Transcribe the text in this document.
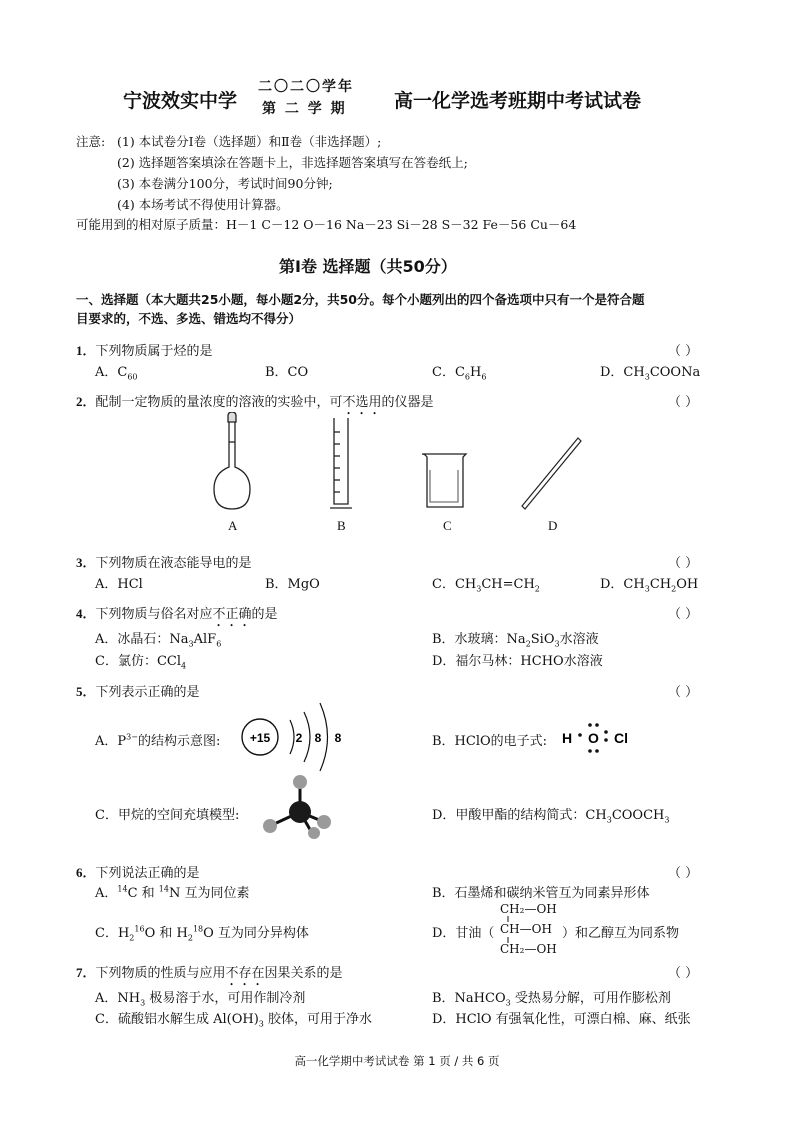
宁波效实中学
二〇二〇学年
第 二 学 期 高一化学选考班期中考试试卷
注意: (1) 本试卷分Ⅰ卷（选择题）和Ⅱ卷（非选择题）;
(2) 选择题答案填涂在答题卡上，非选择题答案填写在答卷纸上;
(3) 本卷满分100分，考试时间90分钟;
(4) 本场考试不得使用计算器。
可能用到的相对原子质量：H－1 C－12 O－16 Na－23 Si－28 S－32 Fe－56 Cu－64
第Ⅰ卷 选择题（共50分）
一、选择题（本大题共25小题，每小题2分，共50分。每个小题列出的四个备选项中只有一个是符合题
目要求的，不选、多选、错选均不得分）
1．下列物质属于烃的是	（ ）
A．$C_{60}$	B．CO	C．$C_6H_6$	D．$CH_3COONa$
2．配制一定物质的量浓度的溶液的实验中，可不选用的仪器是	（ ）
A	B	C	D
3．下列物质在液态能导电的是	（ ）
A．HCl	B．MgO	C．$CH_3CH=CH_2$	D．$CH_3CH_2OH$
4．下列物质与俗名对应不正确的是	（ ）
A．冰晶石：$Na_3AlF_6$	B．水玻璃：$Na_2SiO_3$水溶液
C．氯仿：CCl$_4$	D．福尔马林：HCHO水溶液
5．下列表示正确的是	（ ）
A．$P^{3-}$的结构示意图: +15 2 8 8	B．HClO的电子式: H O Cl
C．甲烷的空间充填模型:	D．甲酸甲酯的结构简式：$CH_3COOCH_3$
6．下列说法正确的是	（ ）
A．$^{14}$C 和 $^{14}$N 互为同位素	B．石墨烯和碳纳米管互为同素异形体
C．$H_2^{16}O$ 和 $H_2^{18}O$ 互为同分异构体	D．甘油（
CH₂—OH
CH—OH
CH₂—OH
）和乙醇互为同系物
7．下列物质的性质与应用不存在因果关系的是	（ ）
A．$NH_3$ 极易溶于水，可用作制冷剂	B．NaHCO$_3$ 受热易分解，可用作膨松剂
C．硫酸铝水解生成 $Al(OH)_3$ 胶体，可用于净水	D．HClO 有强氧化性，可漂白棉、麻、纸张
高一化学期中考试试卷 第 1 页 / 共 6 页
